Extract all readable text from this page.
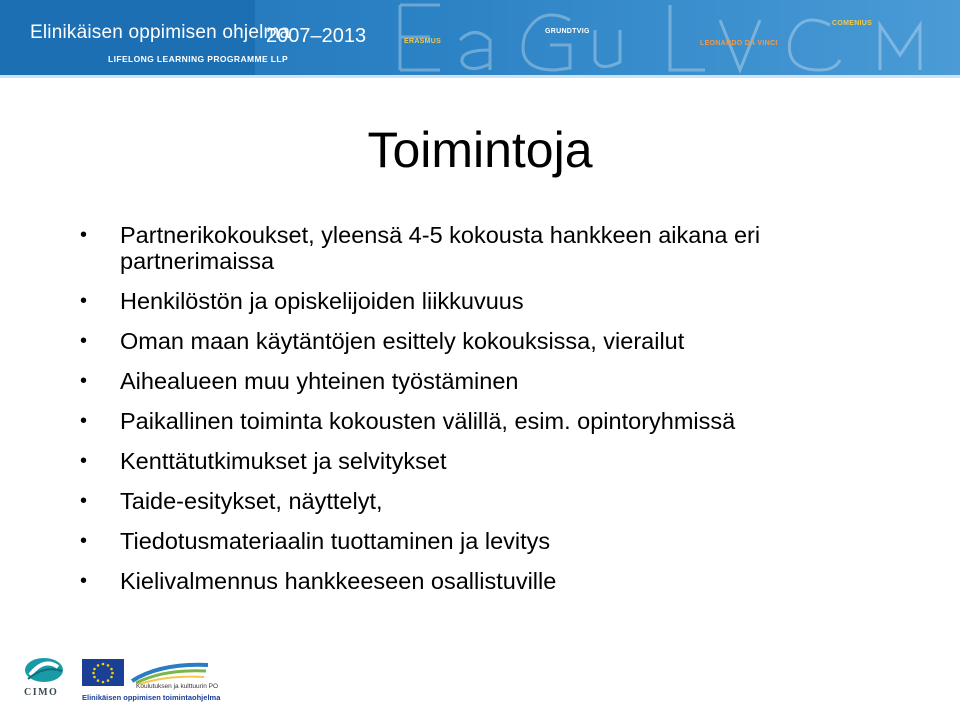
Elinikäisen oppimisen ohjelma
LIFELONG LEARNING PROGRAMME LLP
2007–2013	ERASMUS
GRUNDTVIG
LEONARDO DA VINCI
COMENIUS
Toimintoja
• Partnerikokoukset, yleensä 4-5 kokousta hankkeen aikana eri partnerimaissa
• Henkilöstön ja opiskelijoiden liikkuvuus
• Oman maan käytäntöjen esittely kokouksissa, vierailut
• Aihealueen muu yhteinen työstäminen
• Paikallinen toiminta kokousten välillä, esim. opintoryhmissä
• Kenttätutkimukset ja selvitykset
• Taide-esitykset, näyttelyt,
• Tiedotusmateriaalin tuottaminen ja levitys
• Kielivalmennus hankkeeseen osallistuville
CIMO
Koulutuksen ja kulttuurin PO
Elinikäisen oppimisen toimintaohjelma
